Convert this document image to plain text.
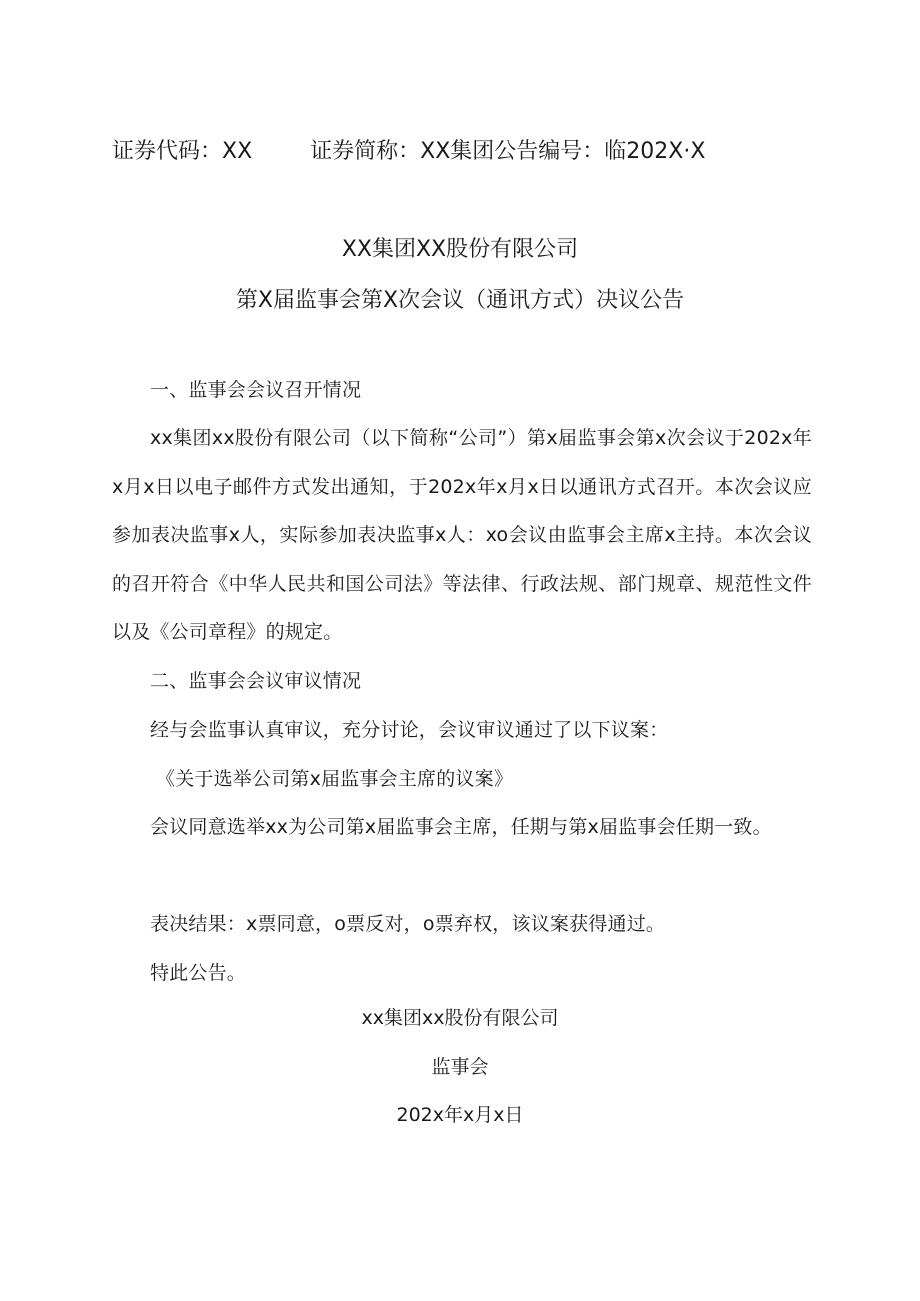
证券代码：XX	证券简称：XX集团公告编号：临202X·X
XX集团XX股份有限公司
第X届监事会第X次会议（通讯方式）决议公告
一、监事会会议召开情况
xx集团xx股份有限公司（以下简称“公司”）第x届监事会第x次会议于202x年x月x日以电子邮件方式发出通知，于202x年x月x日以通讯方式召开。本次会议应参加表决监事x人，实际参加表决监事x人：xo会议由监事会主席x主持。本次会议的召开符合《中华人民共和国公司法》等法律、行政法规、部门规章、规范性文件以及《公司章程》的规定。
二、监事会会议审议情况
经与会监事认真审议，充分讨论，会议审议通过了以下议案：
《关于选举公司第x届监事会主席的议案》
会议同意选举xx为公司第x届监事会主席，任期与第x届监事会任期一致。
表决结果：x票同意，o票反对，o票弃权，该议案获得通过。
特此公告。
xx集团xx股份有限公司
监事会
202x年x月x日
